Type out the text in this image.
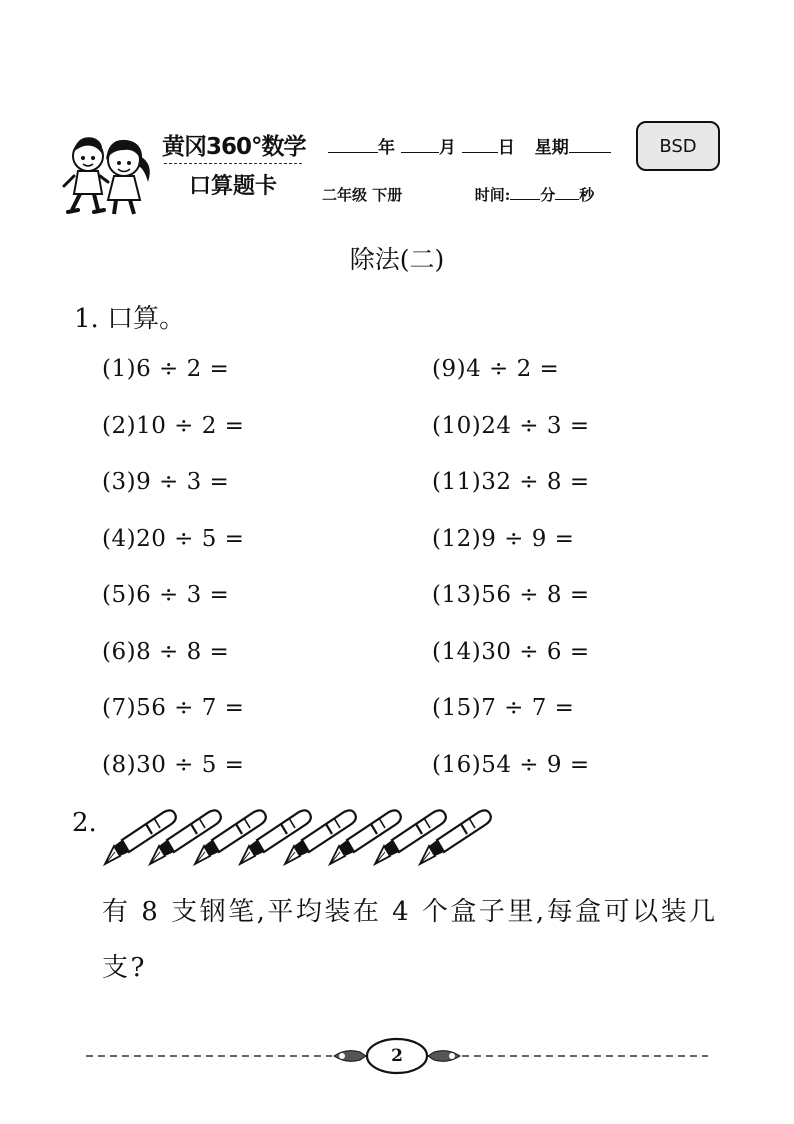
黄冈360°数学
口算题卡
年	月 日 星期
二年级 下册	时间: 分 秒
BSD
除法(二)
1. 口算。
(1)6 ÷ 2 =
(2)10 ÷ 2 =
(3)9 ÷ 3 =
(4)20 ÷ 5 =
(5)6 ÷ 3 =
(6)8 ÷ 8 =
(7)56 ÷ 7 =
(8)30 ÷ 5 =
(9)4 ÷ 2 =
(10)24 ÷ 3 =
(11)32 ÷ 8 =
(12)9 ÷ 9 =
(13)56 ÷ 8 =
(14)30 ÷ 6 =
(15)7 ÷ 7 =
(16)54 ÷ 9 =
2.
有 8 支钢笔,平均装在 4 个盒子里,每盒可以装几支?
2
